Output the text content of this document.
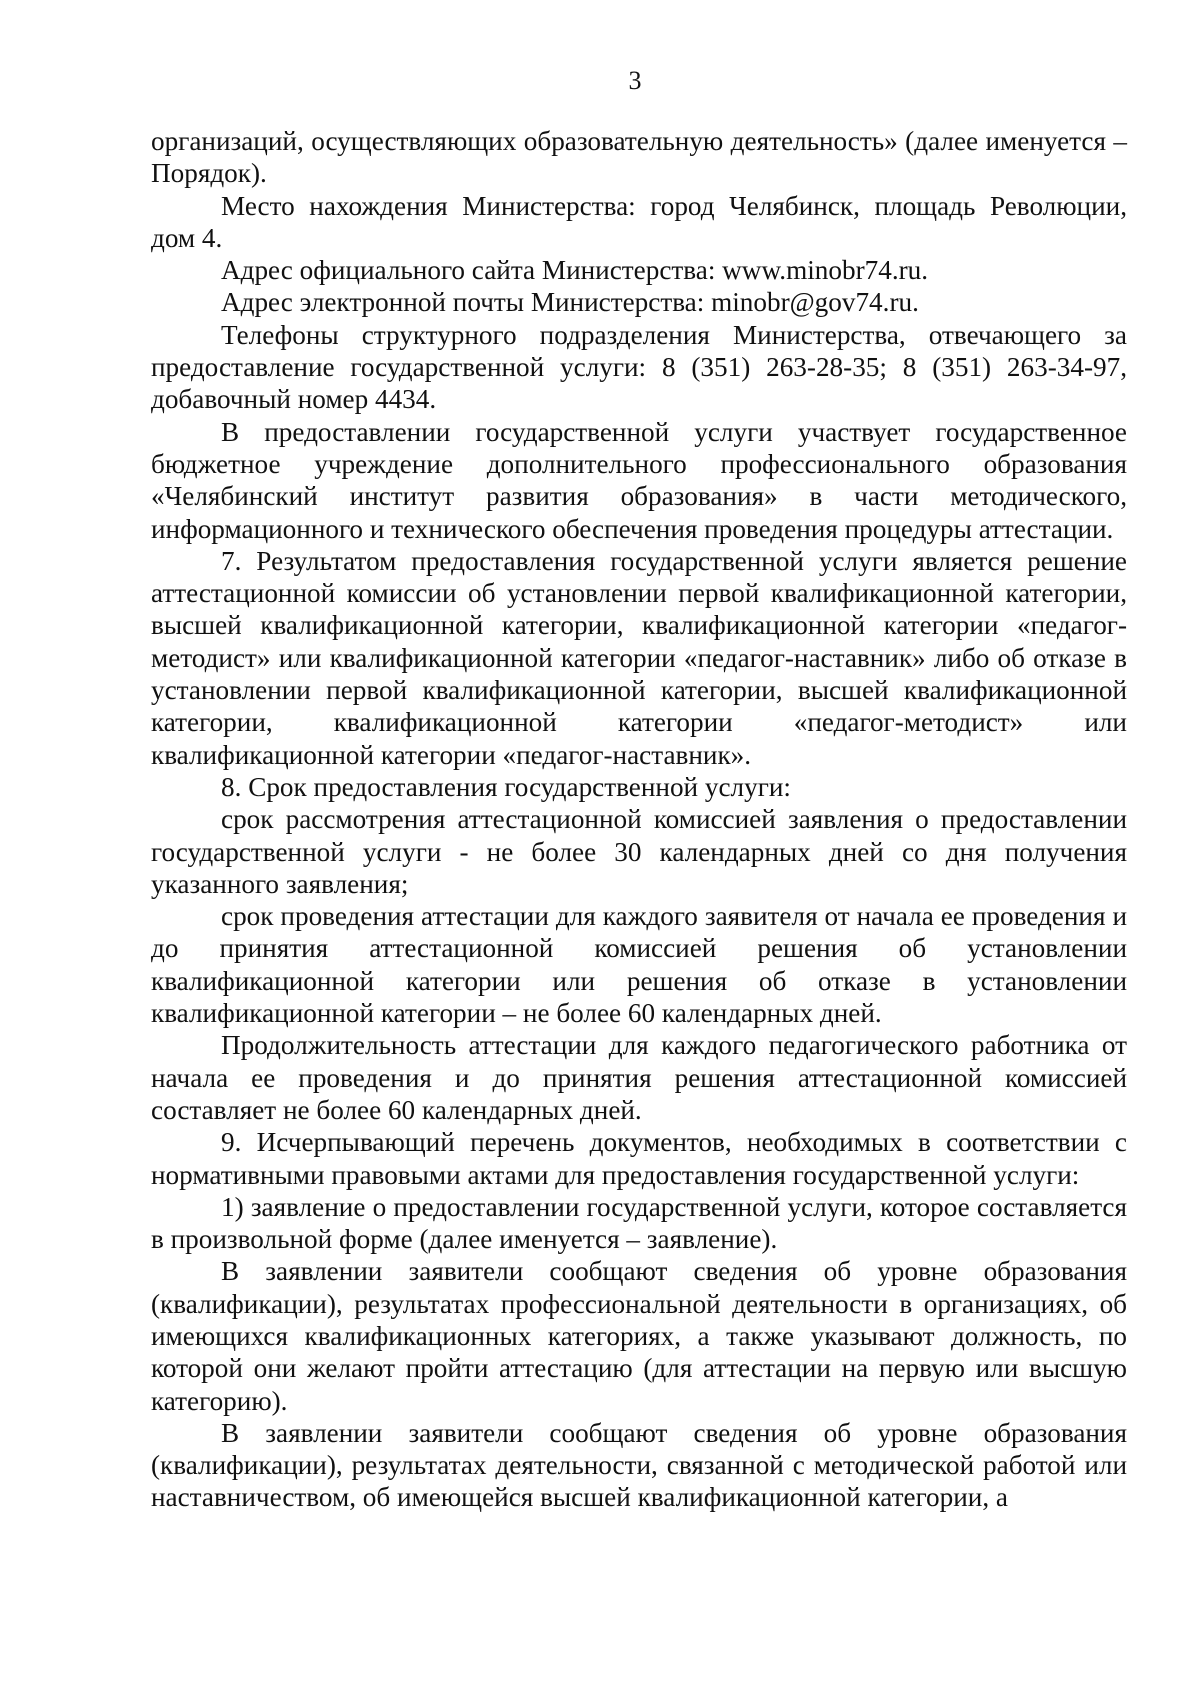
3

организаций, осуществляющих образовательную деятельность» (далее именуется – Порядок).

Место нахождения Министерства: город Челябинск, площадь Революции, дом 4.

Адрес официального сайта Министерства: www.minobr74.ru.

Адрес электронной почты Министерства: minobr@gov74.ru.

Телефоны структурного подразделения Министерства, отвечающего за предоставление государственной услуги: 8 (351) 263-28-35; 8 (351) 263-34-97, добавочный номер 4434.

В предоставлении государственной услуги участвует государственное бюджетное учреждение дополнительного профессионального образования «Челябинский институт развития образования» в части методического, информационного и технического обеспечения проведения процедуры аттестации.

7. Результатом предоставления государственной услуги является решение аттестационной комиссии об установлении первой квалификационной категории, высшей квалификационной категории, квалификационной категории «педагог-методист» или квалификационной категории «педагог-наставник» либо об отказе в установлении первой квалификационной категории, высшей квалификационной категории, квалификационной категории «педагог-методист» или квалификационной категории «педагог-наставник».

8. Срок предоставления государственной услуги:

срок рассмотрения аттестационной комиссией заявления о предоставлении государственной услуги - не более 30 календарных дней со дня получения указанного заявления;

срок проведения аттестации для каждого заявителя от начала ее проведения и до принятия аттестационной комиссией решения об установлении квалификационной категории или решения об отказе в установлении квалификационной категории – не более 60 календарных дней.

Продолжительность аттестации для каждого педагогического работника от начала ее проведения и до принятия решения аттестационной комиссией составляет не более 60 календарных дней.

9. Исчерпывающий перечень документов, необходимых в соответствии с нормативными правовыми актами для предоставления государственной услуги:

1) заявление о предоставлении государственной услуги, которое составляется в произвольной форме (далее именуется – заявление).

В заявлении заявители сообщают сведения об уровне образования (квалификации), результатах профессиональной деятельности в организациях, об имеющихся квалификационных категориях, а также указывают должность, по которой они желают пройти аттестацию (для аттестации на первую или высшую категорию).

В заявлении заявители сообщают сведения об уровне образования (квалификации), результатах деятельности, связанной с методической работой или наставничеством, об имеющейся высшей квалификационной категории, а
